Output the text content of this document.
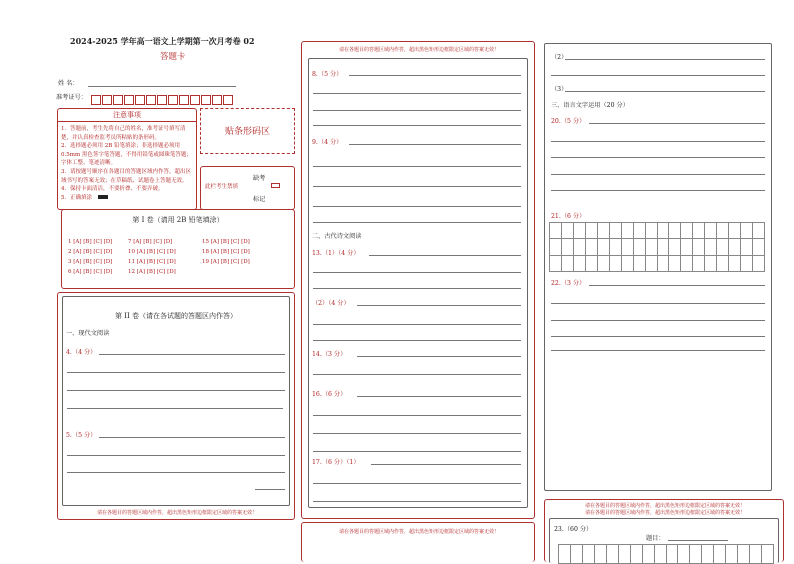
2024-2025 学年高一语文上学期第一次月考卷 02
答题卡
姓 名：
准考证号：
注意事项
1．答题前，考生先将自己的姓名，准考证号填写清楚，并认真检查监考员所粘贴的条形码。
2．选择题必须用 2B 铅笔填涂；非选择题必须用 0.5mm 黑色签字笔答题，不得用铅笔或圆珠笔答题；字体工整、笔迹清晰。
3．请按题号顺序在各题目的答题区域内作答，超出区域书写的答案无效；在草稿纸、试题卷上答题无效。
4．保持卡面清洁，不要折叠、不要弄破。
5．正确填涂
贴条形码区
缺考
此栏考生禁填
标记
第 I 卷（请用 2B 铅笔填涂）
1 [A] [B] [C] [D]
2 [A] [B] [C] [D]
3 [A] [B] [C] [D]
6 [A] [B] [C] [D]
7 [A] [B] [C] [D]
10 [A] [B] [C] [D]
11 [A] [B] [C] [D]
12 [A] [B] [C] [D]
15 [A] [B] [C] [D]
18 [A] [B] [C] [D]
19 [A] [B] [C] [D]
第 II 卷（请在各试题的答题区内作答）
一、现代文阅读
4.（4 分）
5.（5 分）
请在各题目的答题区域内作答，超出黑色矩形边框限定区域的答案无效！
请在各题目的答题区域内作答，超出黑色矩形边框限定区域的答案无效！
8.（5 分）
9.（4 分）
二、古代诗文阅读
13.（1）（4 分）
（2）（4 分）
14.（3 分）
16.（6 分）
17.（6 分）（1）
请在各题目的答题区域内作答，超出黑色矩形边框限定区域的答案无效！
（2）
（3）
三、语言文字运用（20 分）
20.（5 分）
21.（6 分）
22.（3 分）
请在各题目的答题区域内作答，超出黑色矩形边框限定区域的答案无效！
请在各题目的答题区域内作答，超出黑色矩形边框限定区域的答案无效！
23.（60 分）
题目：
